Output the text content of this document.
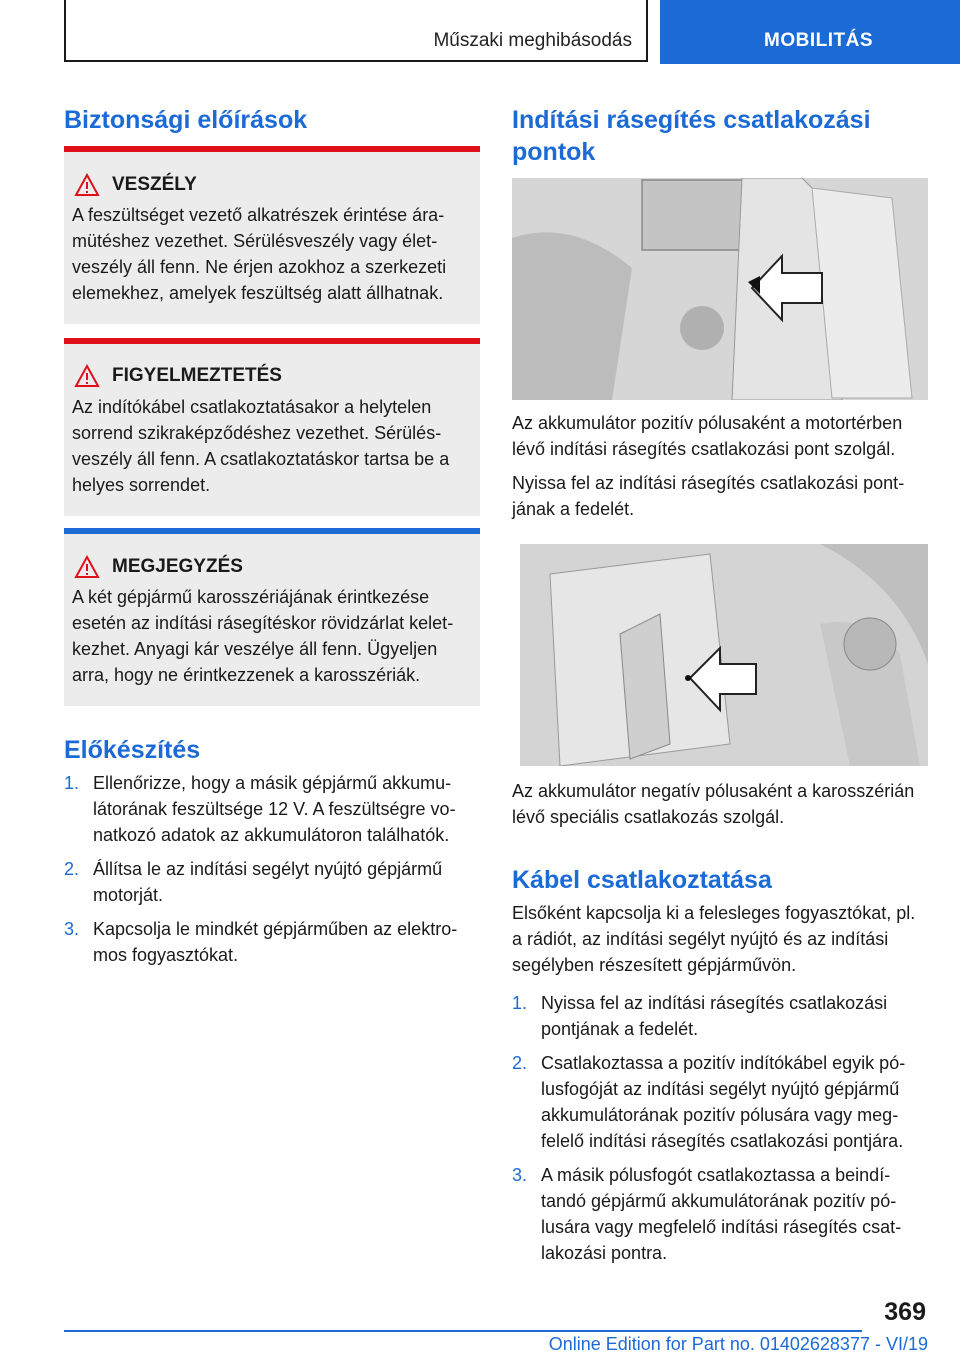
Műszaki meghibásodás	MOBILITÁS
Biztonsági előírások
VESZÉLY
A feszültséget vezető alkatrészek érintése áramütéshez vezethet. Sérülésveszély vagy életveszély áll fenn. Ne érjen azokhoz a szerkezeti elemekhez, amelyek feszültség alatt állhatnak.
FIGYELMEZTETÉS
Az indítókábel csatlakoztatásakor a helytelen sorrend szikraképződéshez vezethet. Sérülésveszély áll fenn. A csatlakoztatáskor tartsa be a helyes sorrendet.
MEGJEGYZÉS
A két gépjármű karosszériájának érintkezése esetén az indítási rásegítéskor rövidzárlat keletkezhet. Anyagi kár veszélye áll fenn. Ügyeljen arra, hogy ne érintkezzenek a karosszériák.
Előkészítés
1. Ellenőrizze, hogy a másik gépjármű akkumulátorának feszültsége 12 V. A feszültségre vonatkozó adatok az akkumulátoron találhatók.
2. Állítsa le az indítási segélyt nyújtó gépjármű motorját.
3. Kapcsolja le mindkét gépjárműben az elektromos fogyasztókat.
Indítási rásegítés csatlakozási pontok

Az akkumulátor pozitív pólusaként a motortérben lévő indítási rásegítés csatlakozási pont szolgál.

Nyissa fel az indítási rásegítés csatlakozási pontjának a fedelét.

Az akkumulátor negatív pólusaként a karosszérián lévő speciális csatlakozás szolgál.

Kábel csatlakoztatása

Elsőként kapcsolja ki a felesleges fogyasztókat, pl. a rádiót, az indítási segélyt nyújtó és az indítási segélyben részesített gépjárművön.

1. Nyissa fel az indítási rásegítés csatlakozási pontjának a fedelét.
2. Csatlakoztassa a pozitív indítókábel egyik pólusfogóját az indítási segélyt nyújtó gépjármű akkumulátorának pozitív pólusára vagy megfelelő indítási rásegítés csatlakozási pontjára.
3. A másik pólusfogót csatlakoztassa a beindítandó gépjármű akkumulátorának pozitív pólusára vagy megfelelő indítási rásegítés csatlakozási pontra.
369
Online Edition for Part no. 01402628377 - VI/19
